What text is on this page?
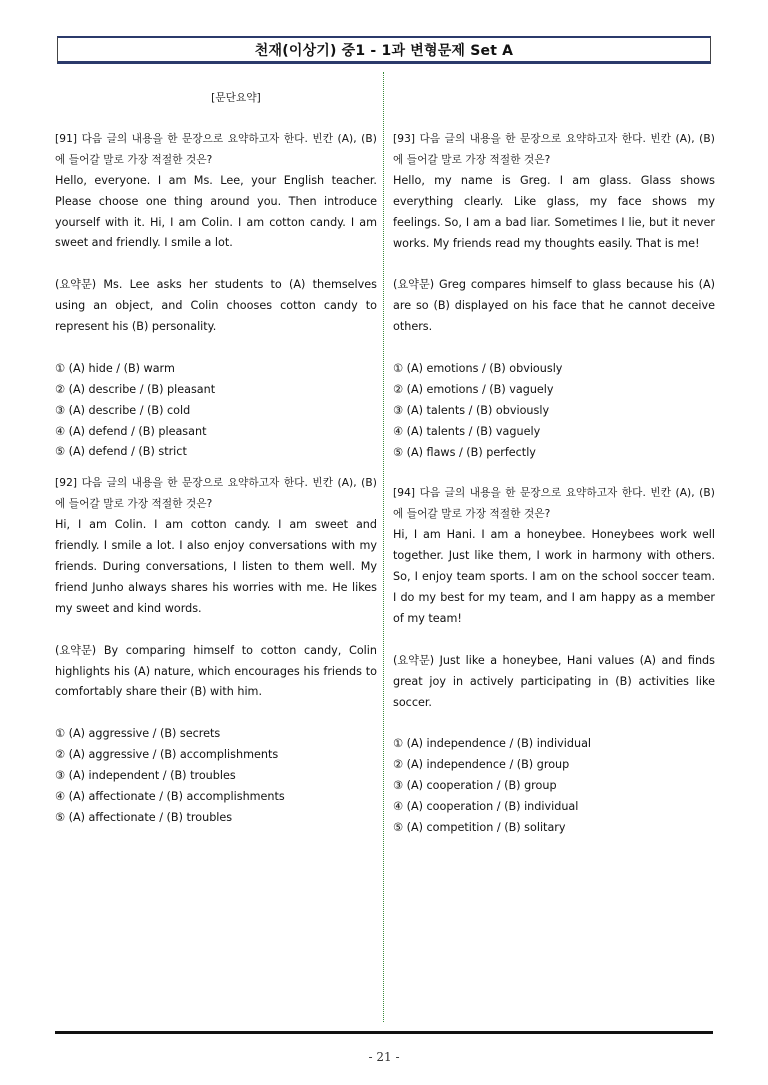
천재(이상기) 중1 - 1과 변형문제 Set A
[문단요약]

[91] 다음 글의 내용을 한 문장으로 요약하고자 한다. 빈칸 (A), (B)에 들어갈 말로 가장 적절한 것은?

Hello, everyone. I am Ms. Lee, your English teacher. Please choose one thing around you. Then introduce yourself with it. Hi, I am Colin. I am cotton candy. I am sweet and friendly. I smile a lot.

(요약문) Ms. Lee asks her students to (A) themselves using an object, and Colin chooses cotton candy to represent his (B) personality.

① (A) hide / (B) warm

② (A) describe / (B) pleasant

③ (A) describe / (B) cold

④ (A) defend / (B) pleasant

⑤ (A) defend / (B) strict

[92] 다음 글의 내용을 한 문장으로 요약하고자 한다. 빈칸 (A), (B)에 들어갈 말로 가장 적절한 것은?

Hi, I am Colin. I am cotton candy. I am sweet and friendly. I smile a lot. I also enjoy conversations with my friends. During conversations, I listen to them well. My friend Junho always shares his worries with me. He likes my sweet and kind words.

(요약문) By comparing himself to cotton candy, Colin highlights his (A) nature, which encourages his friends to comfortably share their (B) with him.

① (A) aggressive / (B) secrets

② (A) aggressive / (B) accomplishments

③ (A) independent / (B) troubles

④ (A) affectionate / (B) accomplishments

⑤ (A) affectionate / (B) troubles

[93] 다음 글의 내용을 한 문장으로 요약하고자 한다. 빈칸 (A), (B)에 들어갈 말로 가장 적절한 것은?

Hello, my name is Greg. I am glass. Glass shows everything clearly. Like glass, my face shows my feelings. So, I am a bad liar. Sometimes I lie, but it never works. My friends read my thoughts easily. That is me!

(요약문) Greg compares himself to glass because his (A) are so (B) displayed on his face that he cannot deceive others.

① (A) emotions / (B) obviously

② (A) emotions / (B) vaguely

③ (A) talents / (B) obviously

④ (A) talents / (B) vaguely

⑤ (A) flaws / (B) perfectly

[94] 다음 글의 내용을 한 문장으로 요약하고자 한다. 빈칸 (A), (B)에 들어갈 말로 가장 적절한 것은?

Hi, I am Hani. I am a honeybee. Honeybees work well together. Just like them, I work in harmony with others. So, I enjoy team sports. I am on the school soccer team. I do my best for my team, and I am happy as a member of my team!

(요약문) Just like a honeybee, Hani values (A) and finds great joy in actively participating in (B) activities like soccer.

① (A) independence / (B) individual

② (A) independence / (B) group

③ (A) cooperation / (B) group

④ (A) cooperation / (B) individual

⑤ (A) competition / (B) solitary

- 21 -
